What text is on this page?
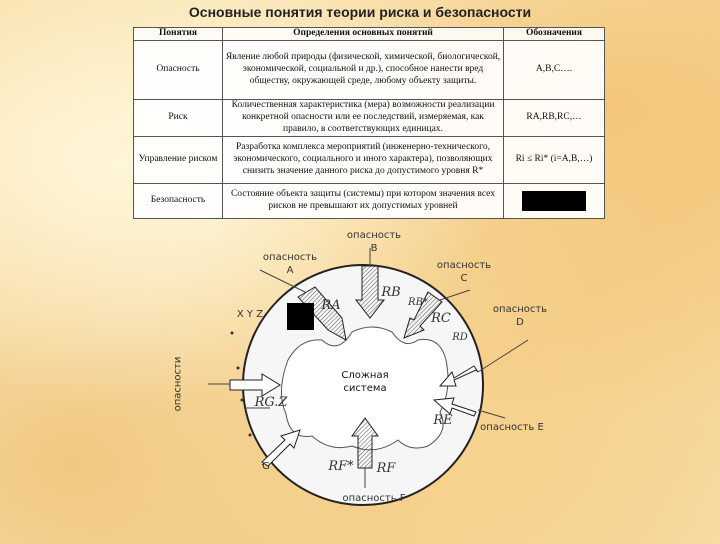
Основные понятия теории риска и безопасности
Понятия	Определения основных понятий	Обозначения
Опасность	Явление любой природы (физической, химической, биологической, экономической, социальной и др.), способное нанести вред обществу, окружающей среде, любому объекту защиты.	A,B,C….
Риск	Количественная характеристика (мера) возможности реализации конкретной опасности или ее последствий, измеряемая, как правило, в соответствующих единицах.	RA,RB,RC,…
Управление риском	Разработка комплекса мероприятий (инженерно-технического, экономического, социального и иного характера), позволяющих снизить значение данного риска до допустимого уровня R*	Ri ≤ Ri* (i=A,B,…)
Безопасность	Состояние объекта защиты (системы) при котором значения всех рисков не превышают их допустимых уровней	
опасность A
опасность B
опасность C
опасность D
опасность E
опасность F
опасности
X Y Z
G
Сложная система
RA
RB
RB*
RC
RD
RE
RF
RF*
RG.Z
